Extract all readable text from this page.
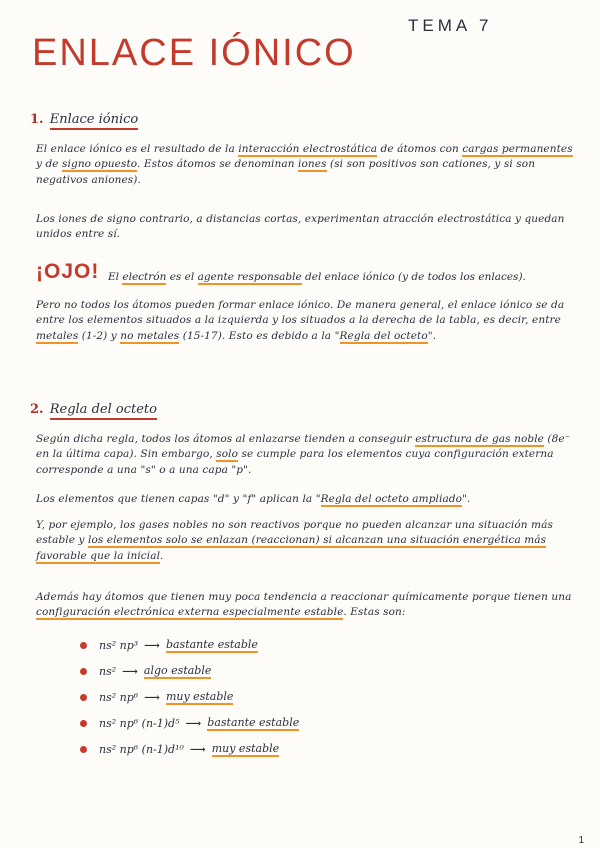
TEMA 7
ENLACE IÓNICO
1. Enlace iónico
El enlace iónico es el resultado de la interacción electrostática de átomos con cargas permanentes y de signo opuesto. Estos átomos se denominan iones (si son positivos son cationes, y si son negativos aniones).
Los iones de signo contrario, a distancias cortas, experimentan atracción electrostática y quedan unidos entre sí.
¡OJO! El electrón es el agente responsable del enlace iónico (y de todos los enlaces).
Pero no todos los átomos pueden formar enlace iónico. De manera general, el enlace iónico se da entre los elementos situados a la izquierda y los situados a la derecha de la tabla, es decir, entre metales (1-2) y no metales (15-17). Esto es debido a la "Regla del octeto".
2. Regla del octeto
Según dicha regla, todos los átomos al enlazarse tienden a conseguir estructura de gas noble (8e⁻ en la última capa). Sin embargo, solo se cumple para los elementos cuya configuración externa corresponde a una "s" o a una capa "p".
Los elementos que tienen capas "d" y "f" aplican la "Regla del octeto ampliado".
Y, por ejemplo, los gases nobles no son reactivos porque no pueden alcanzar una situación más estable y los elementos solo se enlazan (reaccionan) si alcanzan una situación energética más favorable que la inicial.
Además hay átomos que tienen muy poca tendencia a reaccionar químicamente porque tienen una configuración electrónica externa especialmente estable. Estas son:
ns² np³ ⟶ bastante estable
ns² ⟶ algo estable
ns² np⁶ ⟶ muy estable
ns² np⁶ (n-1)d⁵ ⟶ bastante estable
ns² np⁶ (n-1)d¹⁰ ⟶ muy estable
1
